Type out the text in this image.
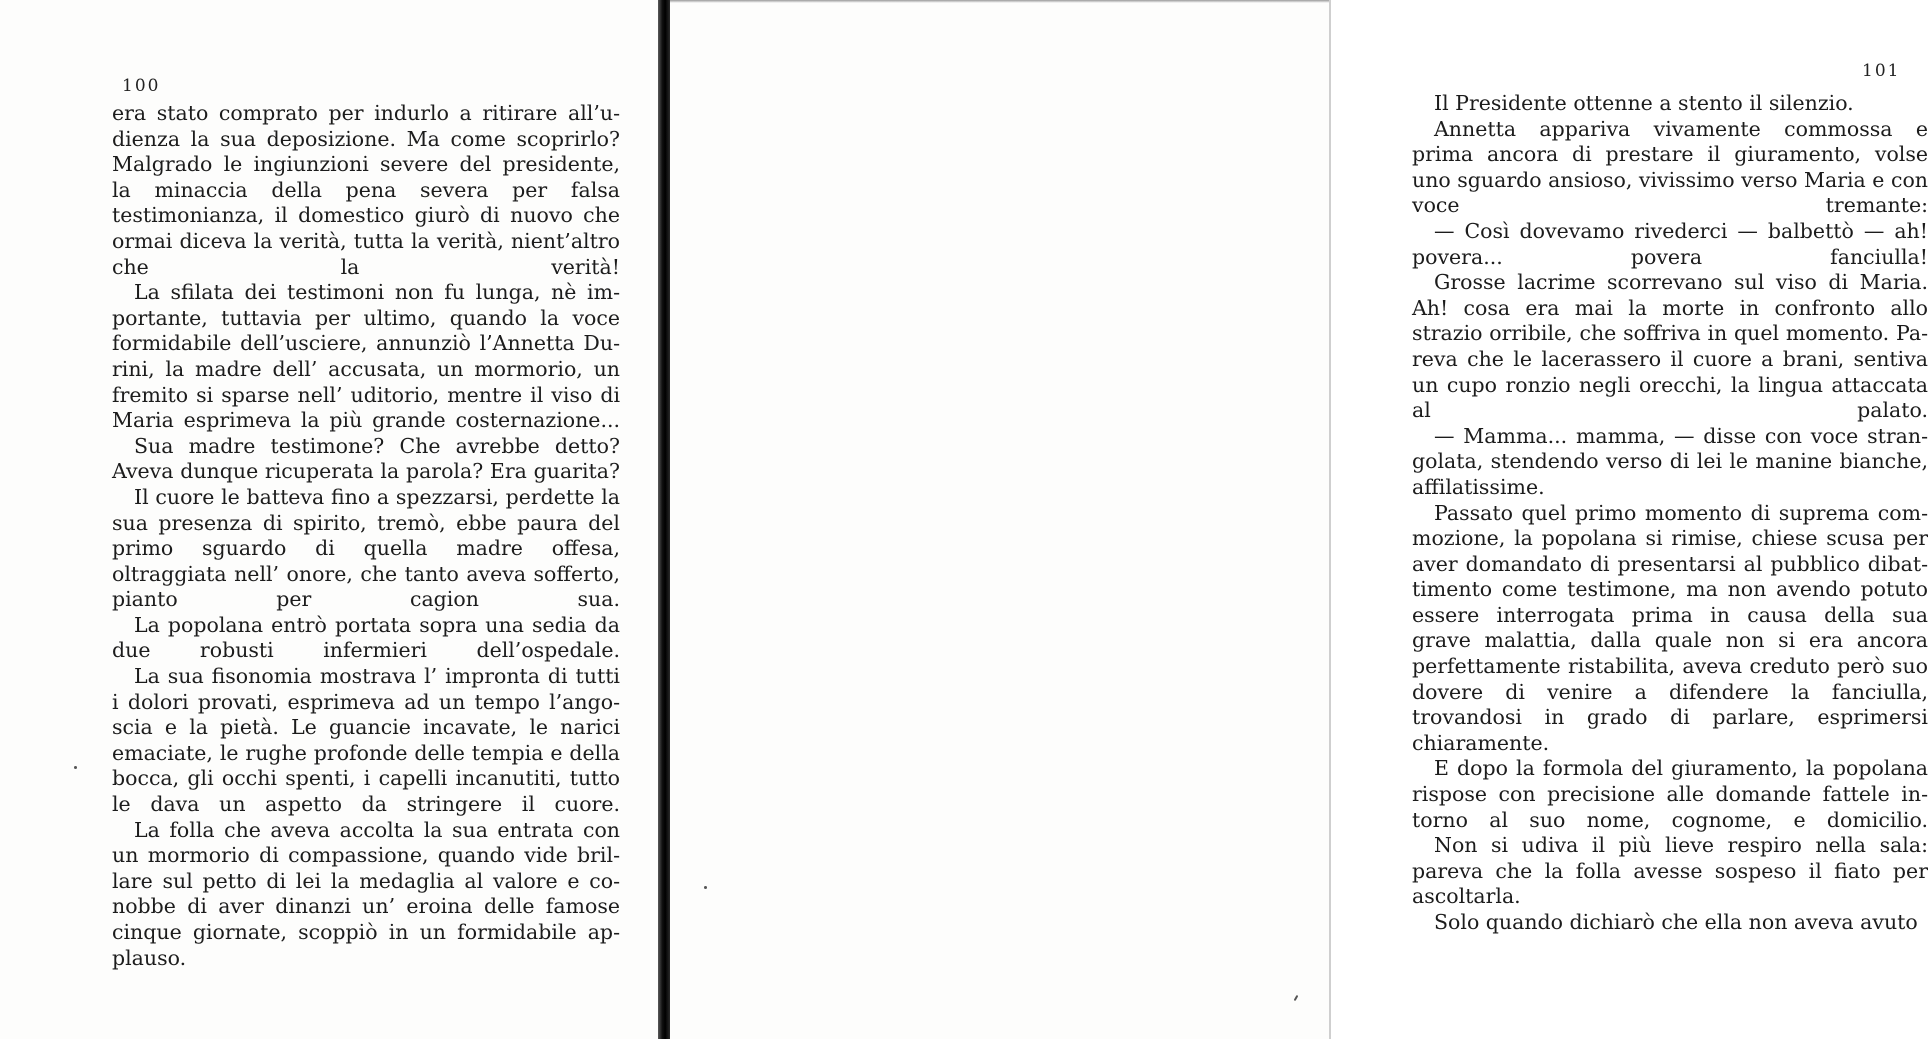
100

era stato comprato per indurlo a ritirare all’udienza la sua deposizione. Ma come scoprirlo? Malgrado le ingiunzioni severe del presidente, la minaccia della pena severa per falsa testimonianza, il domestico giurò di nuovo che ormai diceva la verità, tutta la verità, nient’altro che la verità!

La sfilata dei testimoni non fu lunga, nè importante, tuttavia per ultimo, quando la voce formidabile dell’usciere, annunziò l’Annetta Durini, la madre dell’ accusata, un mormorio, un fremito si sparse nell’ uditorio, mentre il viso di Maria esprimeva la più grande costernazione...

Sua madre testimone? Che avrebbe detto? Aveva dunque ricuperata la parola? Era guarita?

Il cuore le batteva fino a spezzarsi, perdette la sua presenza di spirito, tremò, ebbe paura del primo sguardo di quella madre offesa, oltraggiata nell’ onore, che tanto aveva sofferto, pianto per cagion sua.

La popolana entrò portata sopra una sedia da due robusti infermieri dell’ospedale.

La sua fisonomia mostrava l’ impronta di tutti i dolori provati, esprimeva ad un tempo l’angoscia e la pietà. Le guancie incavate, le narici emaciate, le rughe profonde delle tempia e della bocca, gli occhi spenti, i capelli incanutiti, tutto le dava un aspetto da stringere il cuore.

La folla che aveva accolta la sua entrata con un mormorio di compassione, quando vide brillare sul petto di lei la medaglia al valore e conobbe di aver dinanzi un’ eroina delle famose cinque giornate, scoppiò in un formidabile applauso.

101

Il Presidente ottenne a stento il silenzio.

Annetta appariva vivamente commossa e prima ancora di prestare il giuramento, volse uno sguardo ansioso, vivissimo verso Maria e con voce tremante:

— Così dovevamo rivederci — balbettò — ah! povera... povera fanciulla!

Grosse lacrime scorrevano sul viso di Maria. Ah! cosa era mai la morte in confronto allo strazio orribile, che soffriva in quel momento. Pareva che le lacerassero il cuore a brani, sentiva un cupo ronzio negli orecchi, la lingua attaccata al palato.

— Mamma... mamma, — disse con voce strangolata, stendendo verso di lei le manine bianche, affilatissime.

Passato quel primo momento di suprema commozione, la popolana si rimise, chiese scusa per aver domandato di presentarsi al pubblico dibattimento come testimone, ma non avendo potuto essere interrogata prima in causa della sua grave malattia, dalla quale non si era ancora perfettamente ristabilita, aveva creduto però suo dovere di venire a difendere la fanciulla, trovandosi in grado di parlare, esprimersi chiaramente.

E dopo la formola del giuramento, la popolana rispose con precisione alle domande fattele intorno al suo nome, cognome, e domicilio.

Non si udiva il più lieve respiro nella sala: pareva che la folla avesse sospeso il fiato per ascoltarla.

Solo quando dichiarò che ella non aveva avuto
